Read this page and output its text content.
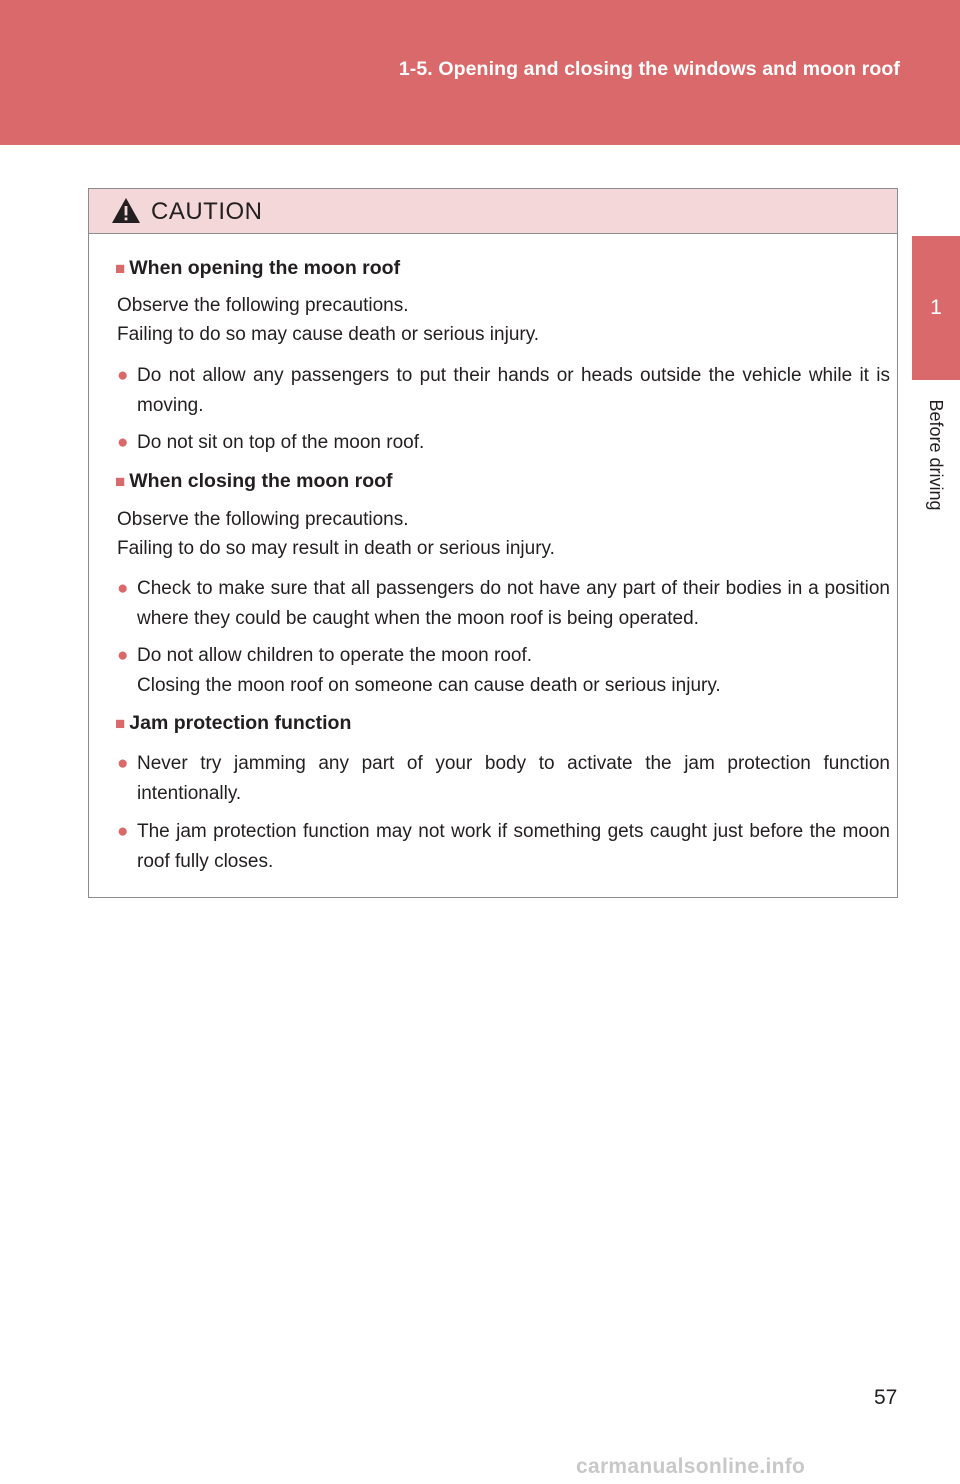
1-5. Opening and closing the windows and moon roof
1
Before driving
CAUTION
■ When opening the moon roof
Observe the following precautions.
Failing to do so may cause death or serious injury.
● Do not allow any passengers to put their hands or heads outside the vehicle while it is moving.
● Do not sit on top of the moon roof.
■ When closing the moon roof
Observe the following precautions.
Failing to do so may result in death or serious injury.
● Check to make sure that all passengers do not have any part of their bodies in a position where they could be caught when the moon roof is being operated.
● Do not allow children to operate the moon roof.
Closing the moon roof on someone can cause death or serious injury.
■ Jam protection function
● Never try jamming any part of your body to activate the jam protection function intentionally.
● The jam protection function may not work if something gets caught just before the moon roof fully closes.
57
carmanualsonline.info
